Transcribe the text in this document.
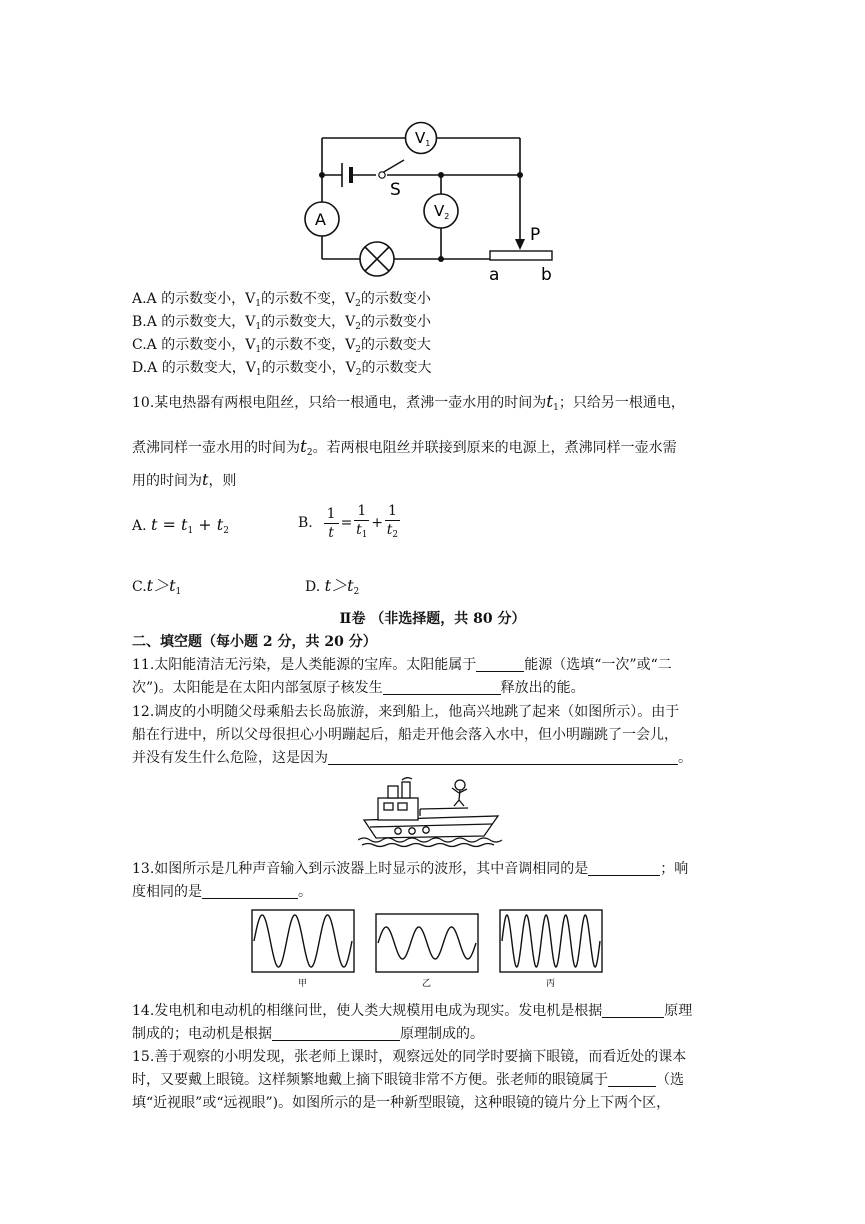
$V_1$
$V_2$
A
S
P
a b
A.A 的示数变小，$V_1$的示数不变，$V_2$的示数变小
B.A 的示数变大，$V_1$的示数变大，$V_2$的示数变小
C.A 的示数变小，$V_1$的示数不变，$V_2$的示数变大
D.A 的示数变大，$V_1$的示数变小，$V_2$的示数变大
10.某电热器有两根电阻丝，只给一根通电，煮沸一壶水用的时间为$t_1$；只给另一根通电，
煮沸同样一壶水用的时间为$t_2$。若两根电阻丝并联接到原来的电源上，煮沸同样一壶水需
用的时间为t，则
A. $t = t_1 + t_2$	B.
$\frac{1}{t} = \frac{1}{t_1} + \frac{1}{t_2}$
$C.t>t_1$	D. $t>t_2$
Ⅱ卷 （非选择题，共 80 分）
二、填空题（每小题 2 分，共 20 分）
11.太阳能清洁无污染，是人类能源的宝库。太阳能属于	能源（选填“一次”或“二
次”)。太阳能是在太阳内部氢原子核发生	释放出的能。
12.调皮的小明随父母乘船去长岛旅游，来到船上，他高兴地跳了起来（如图所示）。由于
船在行进中，所以父母很担心小明蹦起后，船走开他会落入水中，但小明蹦跳了一会儿，
并没有发生什么危险，这是因为	。
13.如图所示是几种声音输入到示波器上时显示的波形，其中音调相同的是	；响
度相同的是	。
甲	乙	丙
14.发电机和电动机的相继问世，使人类大规模用电成为现实。发电机是根据	原理
制成的；电动机是根据	原理制成的。
15.善于观察的小明发现，张老师上课时，观察远处的同学时要摘下眼镜，而看近处的课本
时，又要戴上眼镜。这样频繁地戴上摘下眼镜非常不方便。张老师的眼镜属于	（选
填“近视眼”或“远视眼”)。如图所示的是一种新型眼镜，这种眼镜的镜片分上下两个区，
